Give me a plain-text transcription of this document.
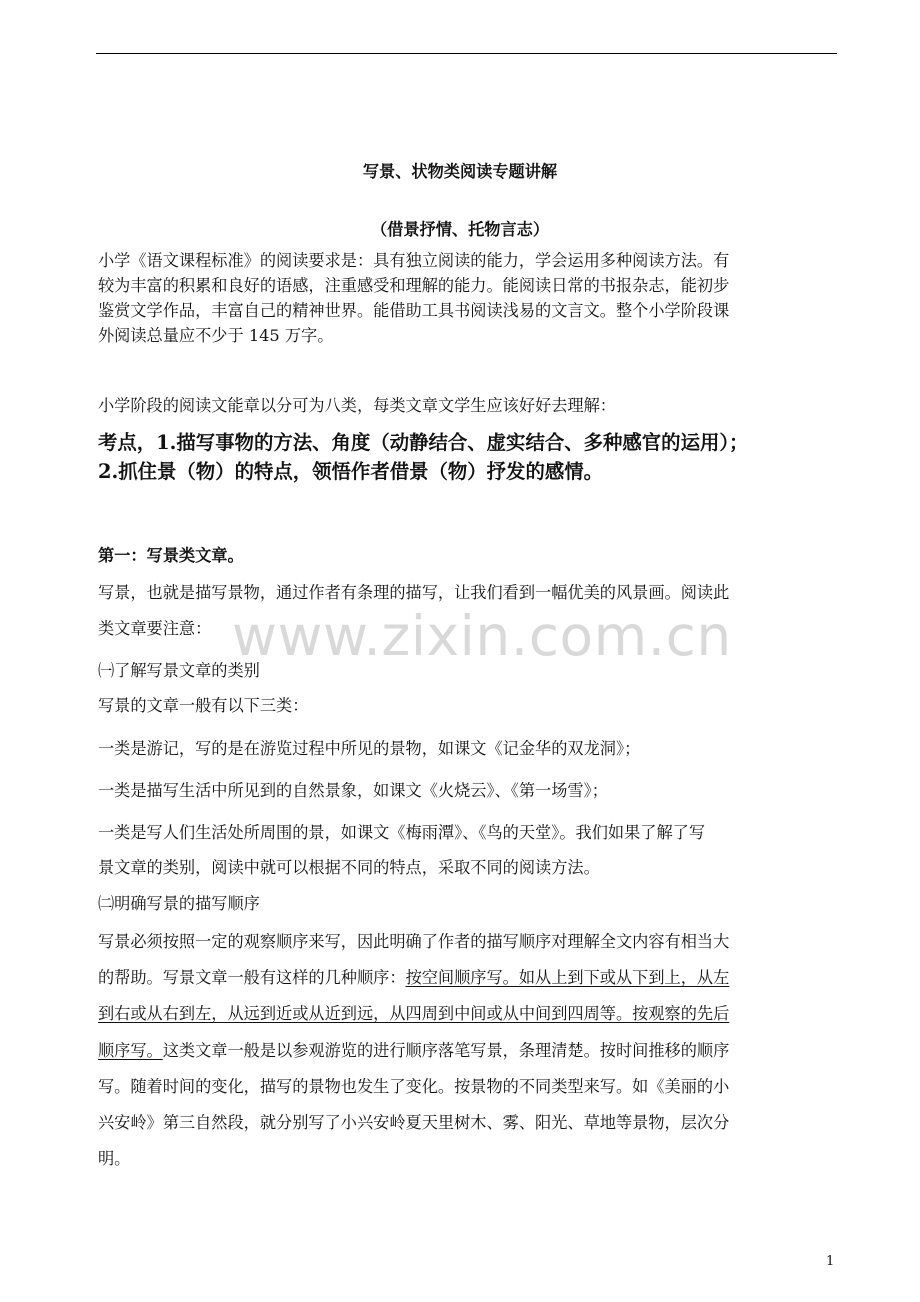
写景、状物类阅读专题讲解
（借景抒情、托物言志）
小学《语文课程标准》的阅读要求是：具有独立阅读的能力，学会运用多种阅读方法。有
较为丰富的积累和良好的语感，注重感受和理解的能力。能阅读日常的书报杂志，能初步
鉴赏文学作品，丰富自己的精神世界。能借助工具书阅读浅易的文言文。整个小学阶段课
外阅读总量应不少于 145 万字。
小学阶段的阅读文能章以分可为八类，每类文章文学生应该好好去理解：
考点，1.描写事物的方法、角度（动静结合、虚实结合、多种感官的运用）；
2.抓住景（物）的特点，领悟作者借景（物）抒发的感情。
第一：写景类文章。
写景，也就是描写景物，通过作者有条理的描写，让我们看到一幅优美的风景画。阅读此
类文章要注意： www.zixin.com.cn
㈠了解写景文章的类别
写景的文章一般有以下三类：
一类是游记，写的是在游览过程中所见的景物，如课文《记金华的双龙洞》；
一类是描写生活中所见到的自然景象，如课文《火烧云》、《第一场雪》；
一类是写人们生活处所周围的景，如课文《梅雨潭》、《鸟的天堂》。我们如果了解了写
景文章的类别，阅读中就可以根据不同的特点，采取不同的阅读方法。
㈡明确写景的描写顺序
写景必须按照一定的观察顺序来写，因此明确了作者的描写顺序对理解全文内容有相当大
的帮助。写景文章一般有这样的几种顺序：按空间顺序写。如从上到下或从下到上，从左
到右或从右到左，从远到近或从近到远，从四周到中间或从中间到四周等。按观察的先后
顺序写。这类文章一般是以参观游览的进行顺序落笔写景，条理清楚。按时间推移的顺序
写。随着时间的变化，描写的景物也发生了变化。按景物的不同类型来写。如《美丽的小
兴安岭》第三自然段，就分别写了小兴安岭夏天里树木、雾、阳光、草地等景物，层次分
明。
1
